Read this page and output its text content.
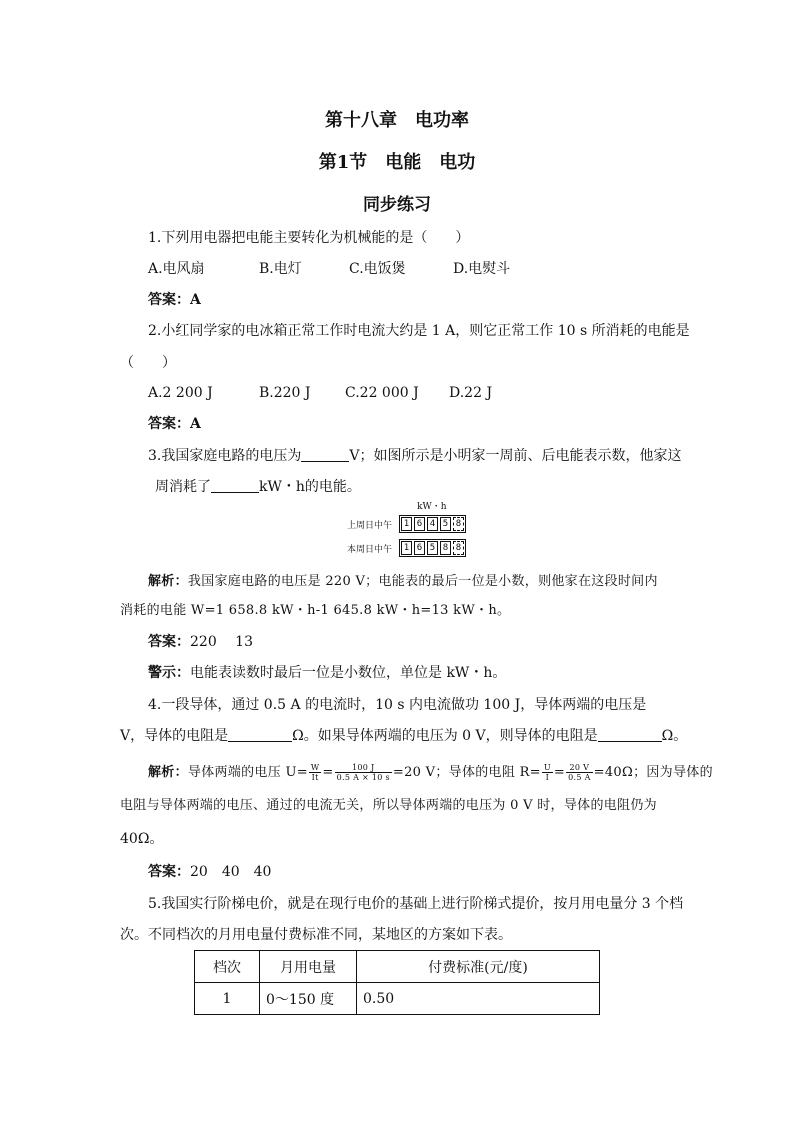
第十八章　电功率
第1节　电能　电功
同步练习
1.下列用电器把电能主要转化为机械能的是（　　）
A.电风扇	B.电灯	C.电饭煲	D.电熨斗
答案：A
2.小红同学家的电冰箱正常工作时电流大约是 1 A，则它正常工作 10 s 所消耗的电能是
（　　）
A.2 200 J	B.220 J C.22 000 J D.22 J
答案：A
3.我国家庭电路的电压为	V；如图所示是小明家一周前、后电能表示数，他家这
周消耗了	kW・h的电能。
kW・h
上周日中午	1 6 4 5 8
本周日中午	1 6 5 8 8
解析：我国家庭电路的电压是 220 V；电能表的最后一位是小数，则他家在这段时间内
消耗的电能 W=1 658.8 kW・h-1 645.8 kW・h=13 kW・h。
答案：220　 13
警示：电能表读数时最后一位是小数位，单位是 kW・h。
4.一段导体，通过 0.5 A 的电流时，10 s 内电流做功 100 J，导体两端的电压是
V，导体的电阻是	Ω。如果导体两端的电压为 0 V，则导体的电阻是	Ω。
解析：导体两端的电压 $U= \frac{W}{It} = \frac{100 J}{0.5 A \times 10 s} =20$ V；导体的电阻 $R= \frac{U}{I} = \frac{20 V}{0.5 A} =40\Omega$；因为导体的
电阻与导体两端的电压、通过的电流无关，所以导体两端的电压为 0 V 时，导体的电阻仍为
40Ω。
答案：20　40　40
5.我国实行阶梯电价，就是在现行电价的基础上进行阶梯式提价，按月用电量分 3 个档
次。不同档次的月用电量付费标准不同，某地区的方案如下表。
档次	月用电量	付费标准(元/度)
1	0～150 度	0.50
